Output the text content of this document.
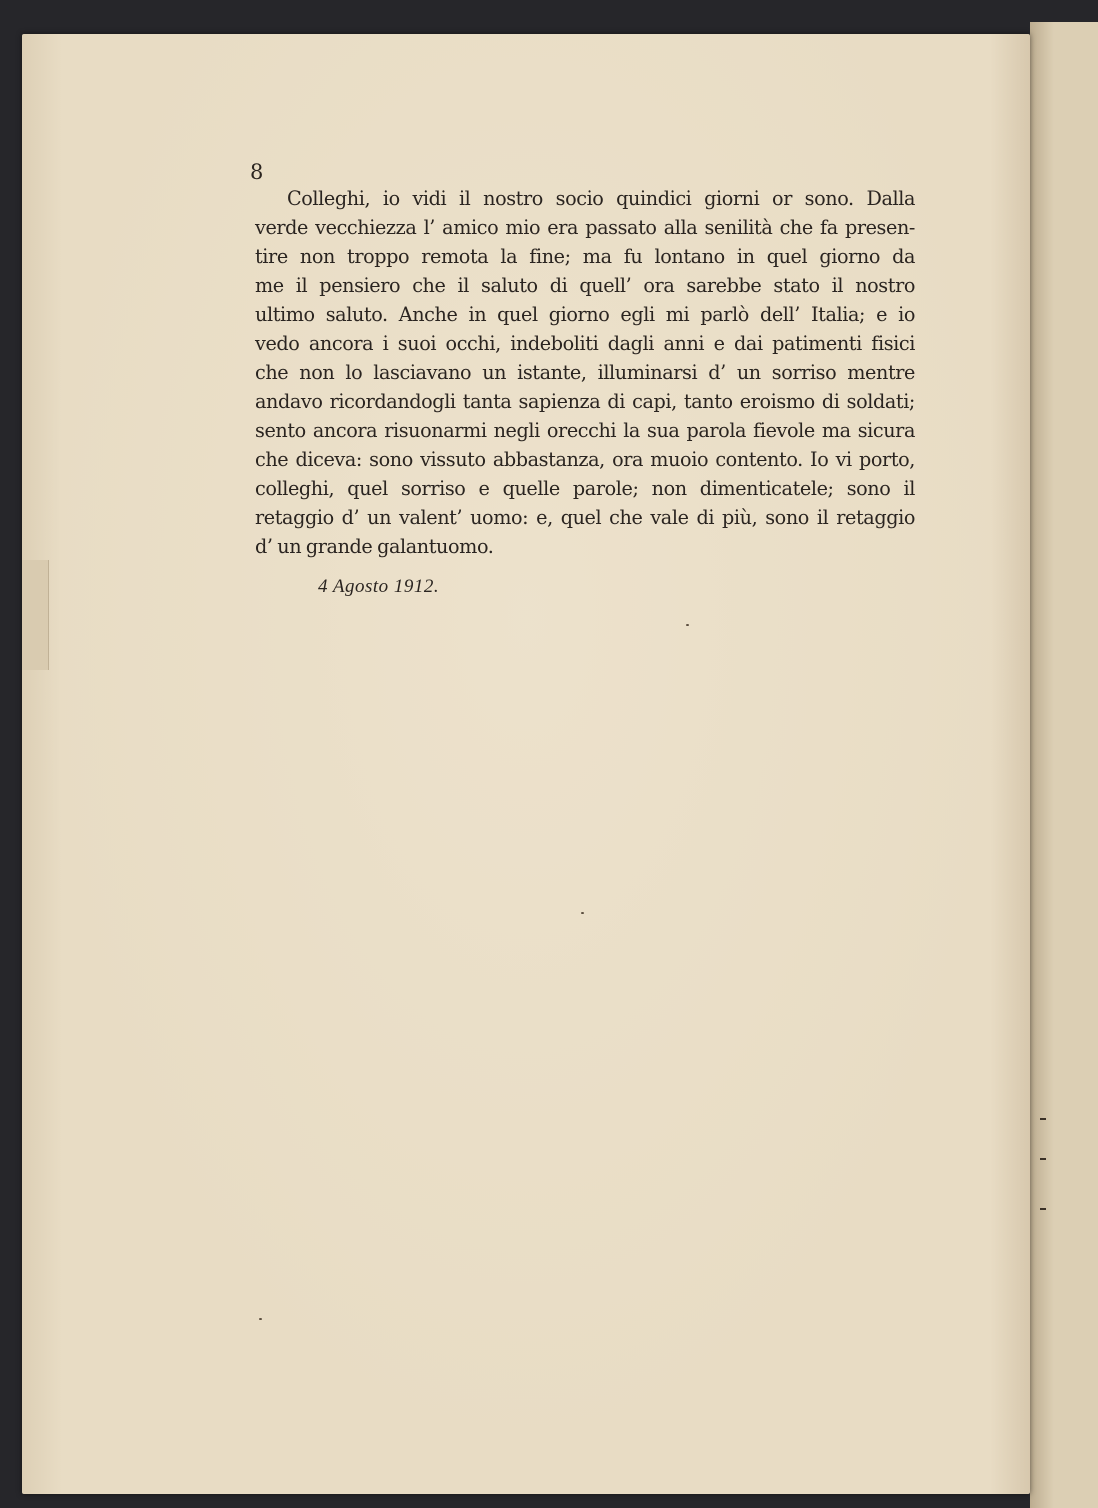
8

Colleghi, io vidi il nostro socio quindici giorni or sono. Dalla
verde vecchiezza l’ amico mio era passato alla senilità che fa presen-
tire non troppo remota la fine; ma fu lontano in quel giorno da
me il pensiero che il saluto di quell’ ora sarebbe stato il nostro
ultimo saluto. Anche in quel giorno egli mi parlò dell’ Italia; e io
vedo ancora i suoi occhi, indeboliti dagli anni e dai patimenti fisici
che non lo lasciavano un istante, illuminarsi d’ un sorriso mentre
andavo ricordandogli tanta sapienza di capi, tanto eroismo di soldati;
sento ancora risuonarmi negli orecchi la sua parola fievole ma sicura
che diceva: sono vissuto abbastanza, ora muoio contento. Io vi porto,
colleghi, quel sorriso e quelle parole; non dimenticatele; sono il
retaggio d’ un valent’ uomo: e, quel che vale di più, sono il retaggio
d’ un grande galantuomo.

4 Agosto 1912.
